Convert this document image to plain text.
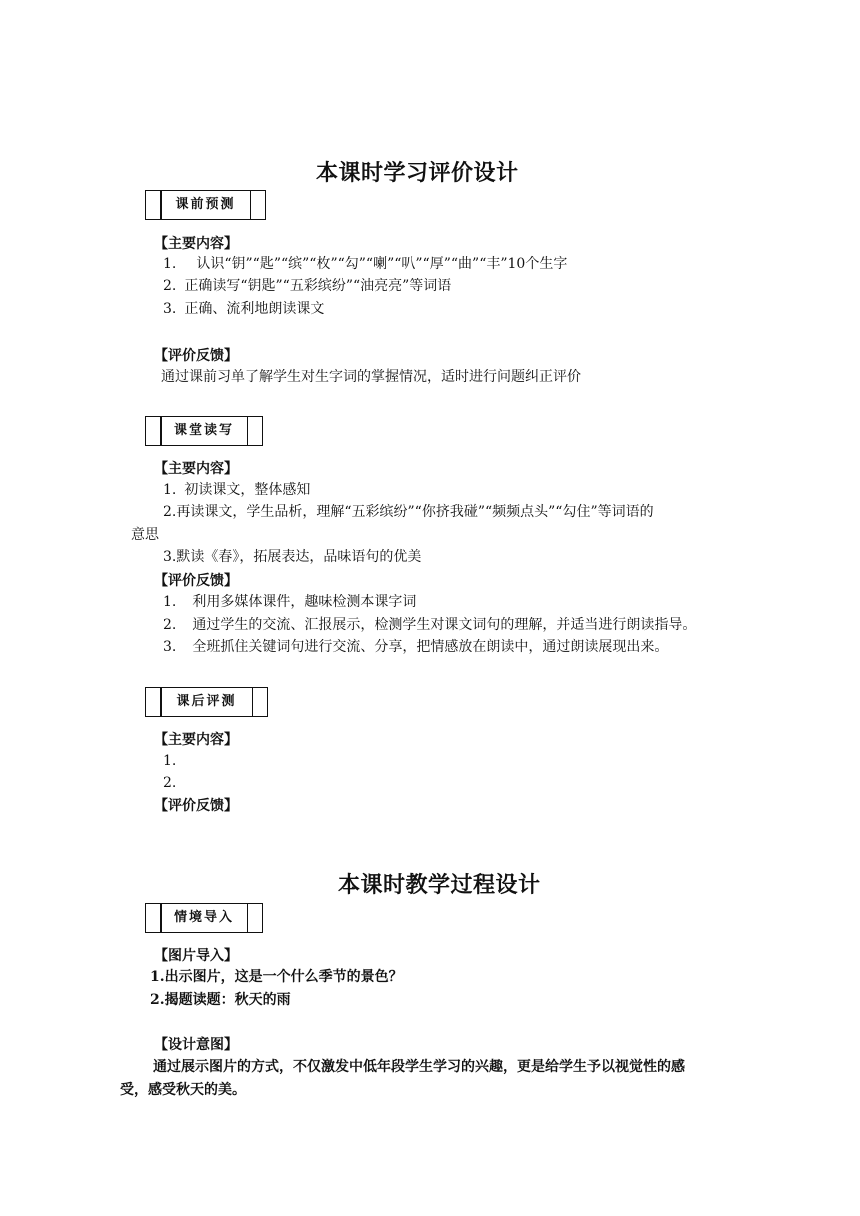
本课时学习评价设计
课前预测
【主要内容】
1. 认识“钥”“匙”“缤”“枚”“勾”“喇”“叭”“厚”“曲”“丰”10个生字
2. 正确读写“钥匙”“五彩缤纷”“油亮亮”等词语
3. 正确、流利地朗读课文
【评价反馈】
通过课前习单了解学生对生字词的掌握情况，适时进行问题纠正评价
课堂读写
【主要内容】
1. 初读课文，整体感知
2.再读课文，学生品析，理解“五彩缤纷”“你挤我碰”“频频点头”“勾住”等词语的
意思
3.默读《春》，拓展表达，品味语句的优美
【评价反馈】
1. 利用多媒体课件，趣味检测本课字词
2. 通过学生的交流、汇报展示，检测学生对课文词句的理解，并适当进行朗读指导。
3. 全班抓住关键词句进行交流、分享，把情感放在朗读中，通过朗读展现出来。
课后评测
【主要内容】
1.
2.
【评价反馈】
本课时教学过程设计
情境导入
【图片导入】
1.出示图片，这是一个什么季节的景色？
2.揭题读题：秋天的雨
【设计意图】
通过展示图片的方式，不仅激发中低年段学生学习的兴趣，更是给学生予以视觉性的感
受，感受秋天的美。
